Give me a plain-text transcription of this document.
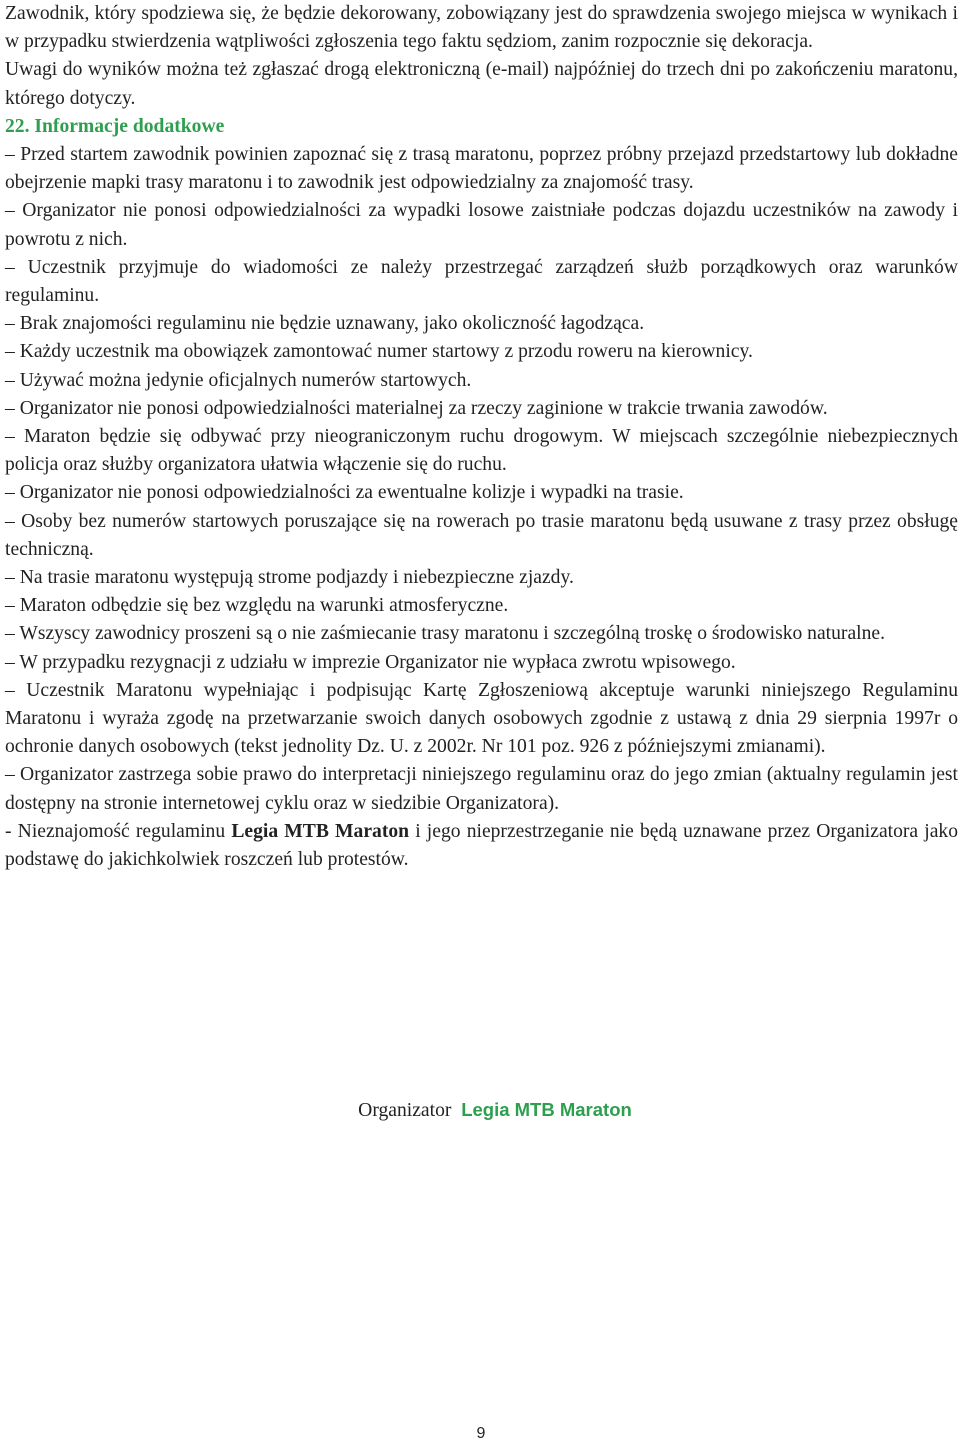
Zawodnik, który spodziewa się, że będzie dekorowany, zobowiązany jest do sprawdzenia swojego miejsca w wynikach i w przypadku stwierdzenia wątpliwości zgłoszenia tego faktu sędziom, zanim rozpocznie się dekoracja.

Uwagi do wyników można też zgłaszać drogą elektroniczną (e-mail) najpóźniej do trzech dni po zakończeniu maratonu, którego dotyczy.

22. Informacje dodatkowe

– Przed startem zawodnik powinien zapoznać się z trasą maratonu, poprzez próbny przejazd przedstartowy lub dokładne obejrzenie mapki trasy maratonu i to zawodnik jest odpowiedzialny za znajomość trasy.

– Organizator nie ponosi odpowiedzialności za wypadki losowe zaistniałe podczas dojazdu uczestników na zawody i powrotu z nich.

– Uczestnik przyjmuje do wiadomości ze należy przestrzegać zarządzeń służb porządkowych oraz warunków regulaminu.

– Brak znajomości regulaminu nie będzie uznawany, jako okoliczność łagodząca.

– Każdy uczestnik ma obowiązek zamontować numer startowy z przodu roweru na kierownicy.

– Używać można jedynie oficjalnych numerów startowych.

– Organizator nie ponosi odpowiedzialności materialnej za rzeczy zaginione w trakcie trwania zawodów.

– Maraton będzie się odbywać przy nieograniczonym ruchu drogowym. W miejscach szczególnie niebezpiecznych policja oraz służby organizatora ułatwia włączenie się do ruchu.

– Organizator nie ponosi odpowiedzialności za ewentualne kolizje i wypadki na trasie.

– Osoby bez numerów startowych poruszające się na rowerach po trasie maratonu będą usuwane z trasy przez obsługę techniczną.

– Na trasie maratonu występują strome podjazdy i niebezpieczne zjazdy.

– Maraton odbędzie się bez względu na warunki atmosferyczne.

– Wszyscy zawodnicy proszeni są o nie zaśmiecanie trasy maratonu i szczególną troskę o środowisko naturalne.

– W przypadku rezygnacji z udziału w imprezie Organizator nie wypłaca zwrotu wpisowego.

– Uczestnik Maratonu wypełniając i podpisując Kartę Zgłoszeniową akceptuje warunki niniejszego Regulaminu Maratonu i wyraża zgodę na przetwarzanie swoich danych osobowych zgodnie z ustawą z dnia 29 sierpnia 1997r o ochronie danych osobowych (tekst jednolity Dz. U. z 2002r. Nr 101 poz. 926 z późniejszymi zmianami).

– Organizator zastrzega sobie prawo do interpretacji niniejszego regulaminu oraz do jego zmian (aktualny regulamin jest dostępny na stronie internetowej cyklu oraz w siedzibie Organizatora).

- Nieznajomość regulaminu Legia MTB Maraton i jego nieprzestrzeganie nie będą uznawane przez Organizatora jako podstawę do jakichkolwiek roszczeń lub protestów.

Organizator Legia MTB Maraton
9
